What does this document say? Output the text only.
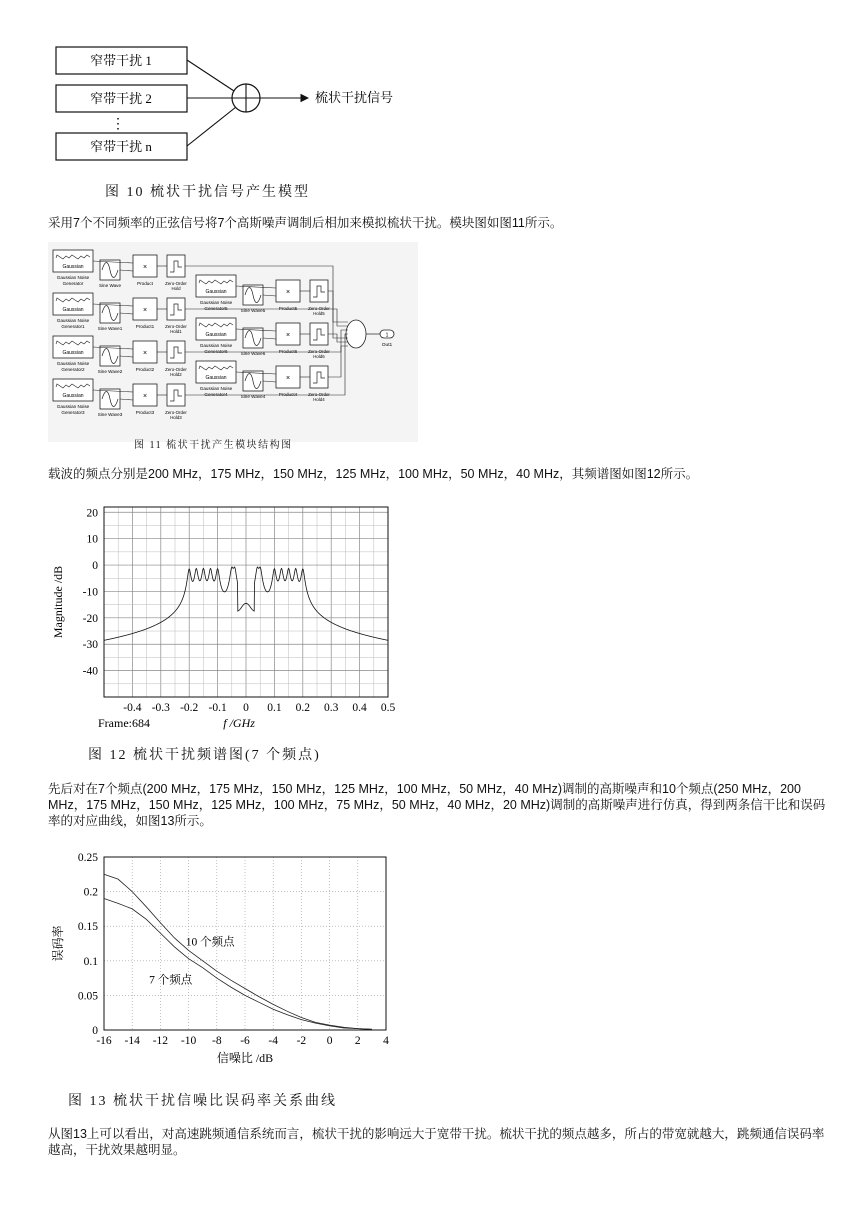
窄带干扰 1
窄带干扰 2
窄带干扰 n
⋮
梳状干扰信号
图 10 梳状干扰信号产生模型
采用7个不同频率的正弦信号将7个高斯噪声调制后相加来模拟梳状干扰。模块图如图11所示。
Gaussian
Gaussian Noise
Generator	Sine Wave
×
Product	Zero-Order
Hold
Gaussian
Gaussian Noise
Generator1	Sine Wave1
×
Product1 Zero-Order
Hold1
Gaussian
Gaussian Noise
Generator2	Sine Wave2
×
Product2 Zero-Order
Hold2
Gaussian
Gaussian Noise
Generator3	Sine Wave3
×
Product3 Zero-Order
Hold3
Gaussian
Gaussian Noise
Generator5	Sine Wave5
×
Product5 Zero-Order
Hold5
Gaussian
Gaussian Noise
Generator6	Sine Wave6
×
Product6 Zero-Order
Hold6
Gaussian
Gaussian Noise
Generator4	Sine Wave4
×
Product4 Zero-Order
Hold4
1
Out1
图 11 梳状干扰产生模块结构图
载波的频点分别是200 MHz，175 MHz，150 MHz，125 MHz，100 MHz，50 MHz，40 MHz，其频谱图如图12所示。
-0.4 -0.3 -0.2 -0.1 0 0.1 0.2 0.3 0.4 0.5
20
10
0
-10
-20
-30
-40
Magnitude /dB
Frame:684	f /GHz
图 12 梳状干扰频谱图(7 个频点)
先后对在7个频点(200 MHz，175 MHz，150 MHz，125 MHz，100 MHz，50 MHz，40 MHz)调制的高斯噪声和10个频点(250 MHz，200 MHz，175 MHz，150 MHz，125 MHz，100 MHz，75 MHz，50 MHz，40 MHz，20 MHz)调制的高斯噪声进行仿真，得到两条信干比和误码率的对应曲线，如图13所示。
10 个频点
7 个频点
-16 -14 -12 -10 -8 -6 -4 -2 0 2 4
0
0.05
0.1
0.15
0.2
0.25
误码率
信噪比 /dB
图 13 梳状干扰信噪比误码率关系曲线
从图13上可以看出，对高速跳频通信系统而言，梳状干扰的影响远大于宽带干扰。梳状干扰的频点越多，所占的带宽就越大，跳频通信误码率越高，干扰效果越明显。
